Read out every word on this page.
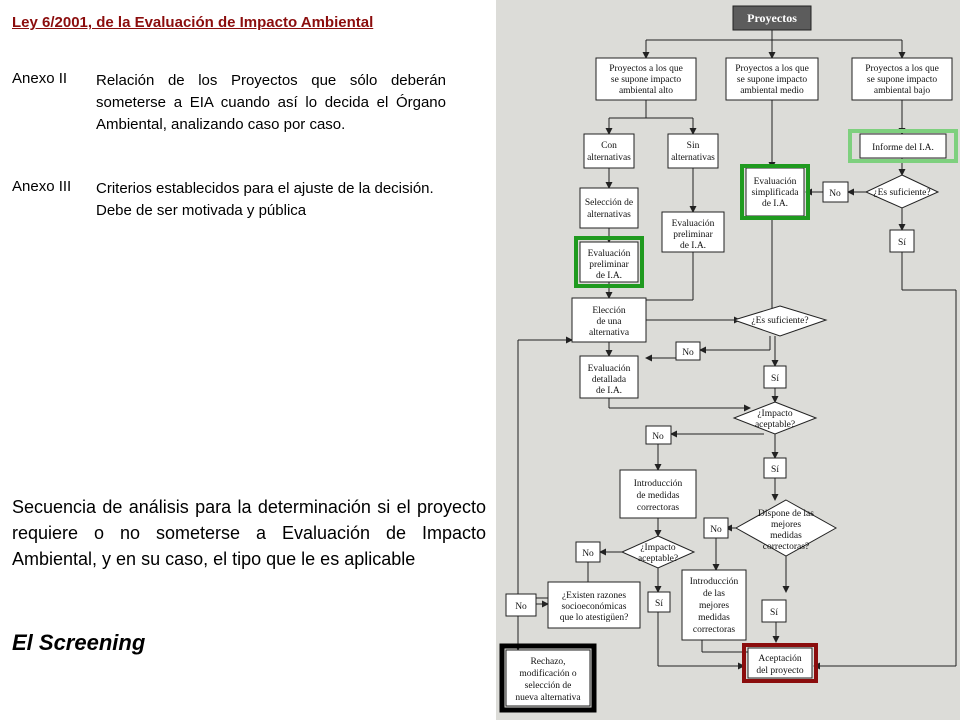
Ley 6/2001, de la Evaluación de Impacto Ambiental
Anexo II Relación de los Proyectos que sólo deberán someterse a EIA cuando así lo decida el Órgano Ambiental, analizando caso por caso.
Anexo III Criterios establecidos para el ajuste de la decisión.
Debe de ser motivada y pública
Secuencia de análisis para la determinación si el proyecto requiere o no someterse a Evaluación de Impacto Ambiental, y en su caso, el tipo que le es aplicable
El Screening
Proyectos
Proyectos a los que se supone impacto ambiental alto
Proyectos a los que se supone impacto ambiental medio
Proyectos a los que se supone impacto ambiental bajo
Con alternativas
Sin alternativas
Informe del I.A.
Selección de alternativas
Evaluación simplificada de I.A.
No	¿Es suficiente?
Sí
Evaluación preliminar de I.A.
Evaluación preliminar de I.A.
Elección de una alternativa
¿Es suficiente?
No
Evaluación detallada de I.A.
Sí
¿Impacto aceptable?
No
Sí
Introducción de medidas correctoras
Dispone de las mejores medidas correctoras?
No
¿Impacto aceptable?
No
No
¿Existen razones socioeconómicas que lo atestigüen?
Sí
Introducción de las mejores medidas correctoras
Sí
Rechazo, modificación o selección de nueva alternativa
Aceptación del proyecto
